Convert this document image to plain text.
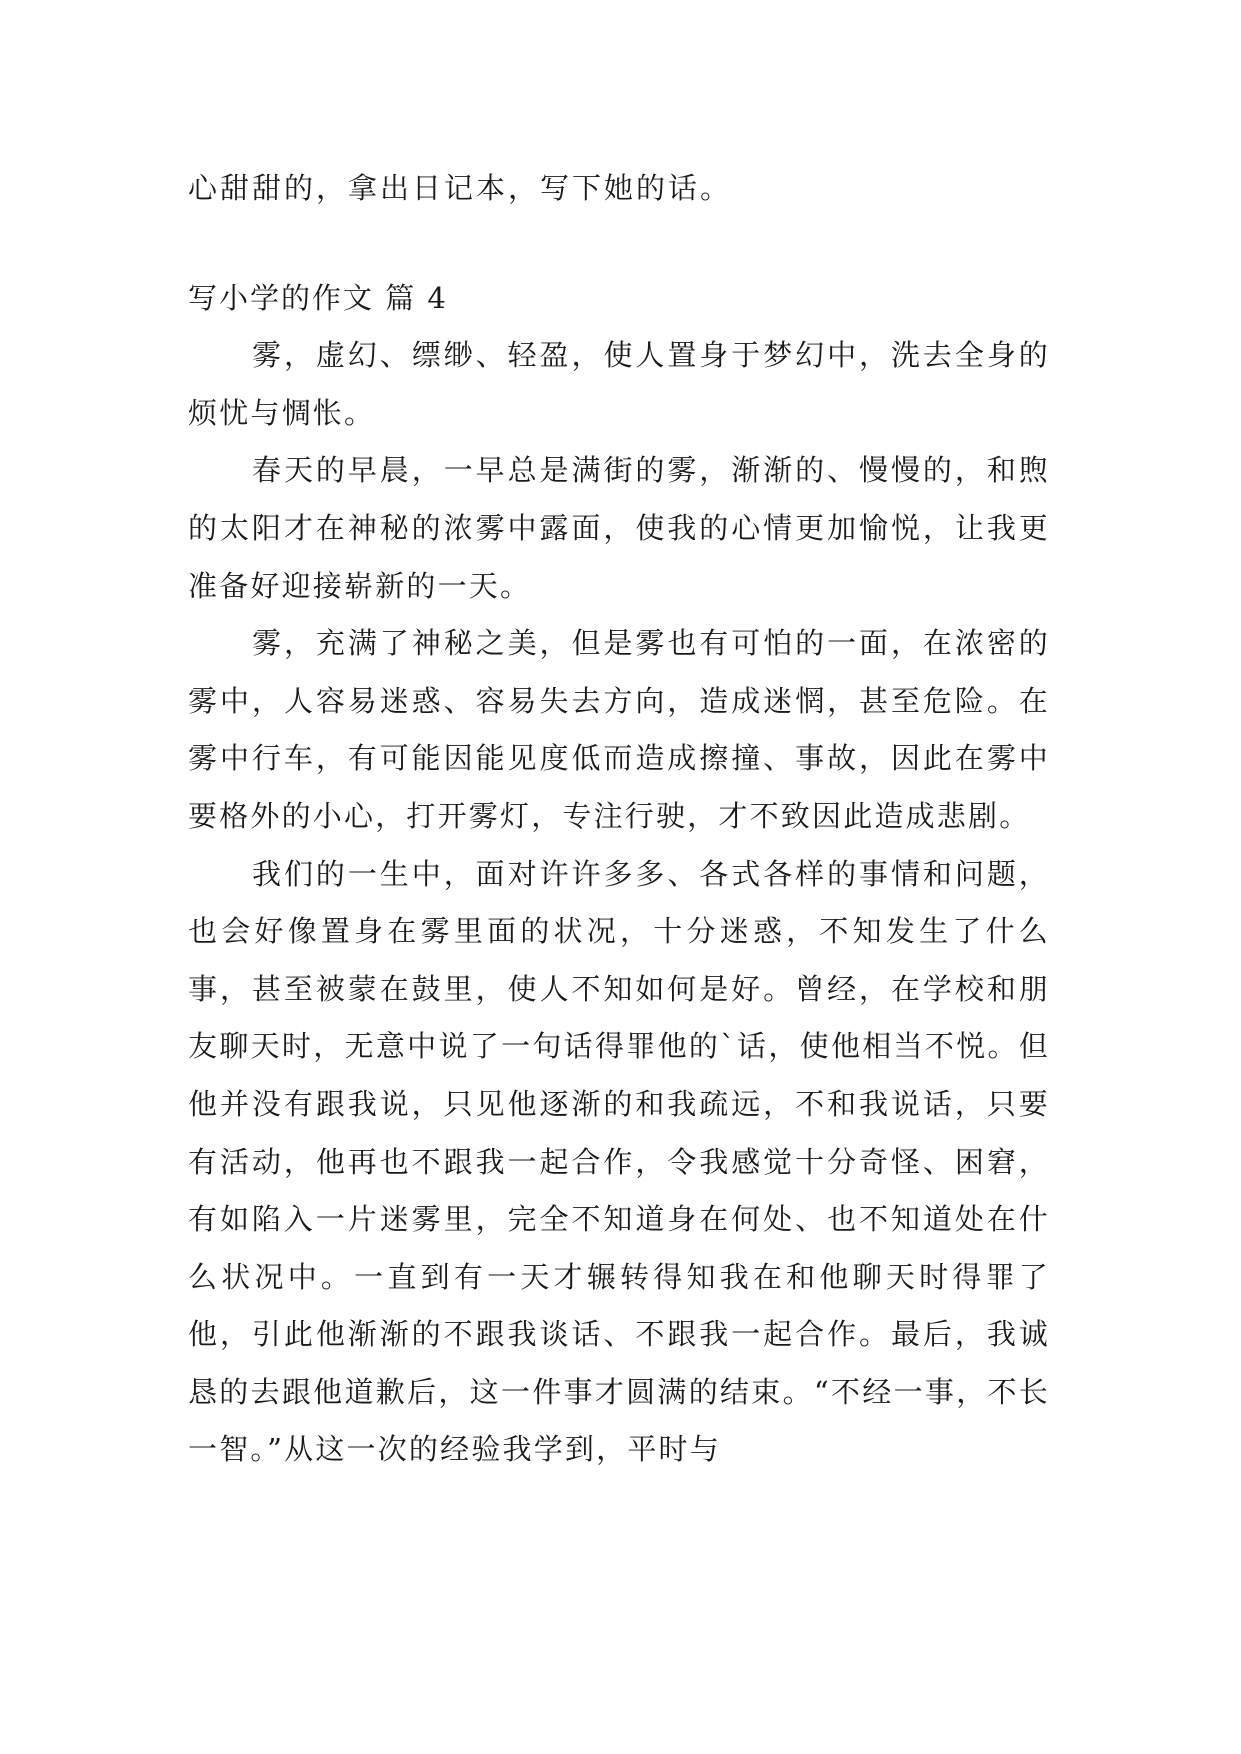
心甜甜的，拿出日记本，写下她的话。

写小学的作文 篇 4

雾，虚幻、缥缈、轻盈，使人置身于梦幻中，洗去全身的烦忧与惆怅。

春天的早晨，一早总是满街的雾，渐渐的、慢慢的，和煦的太阳才在神秘的浓雾中露面，使我的心情更加愉悦，让我更准备好迎接崭新的一天。

雾，充满了神秘之美，但是雾也有可怕的一面，在浓密的雾中，人容易迷惑、容易失去方向，造成迷惘，甚至危险。在雾中行车，有可能因能见度低而造成擦撞、事故，因此在雾中要格外的小心，打开雾灯，专注行驶，才不致因此造成悲剧。

我们的一生中，面对许许多多、各式各样的事情和问题，也会好像置身在雾里面的状况，十分迷惑，不知发生了什么事，甚至被蒙在鼓里，使人不知如何是好。曾经，在学校和朋友聊天时，无意中说了一句话得罪他的`话，使他相当不悦。但他并没有跟我说，只见他逐渐的和我疏远，不和我说话，只要有活动，他再也不跟我一起合作，令我感觉十分奇怪、困窘，有如陷入一片迷雾里，完全不知道身在何处、也不知道处在什么状况中。一直到有一天才辗转得知我在和他聊天时得罪了他，引此他渐渐的不跟我谈话、不跟我一起合作。最后，我诚恳的去跟他道歉后，这一件事才圆满的结束。“不经一事，不长一智。”从这一次的经验我学到，平时与
